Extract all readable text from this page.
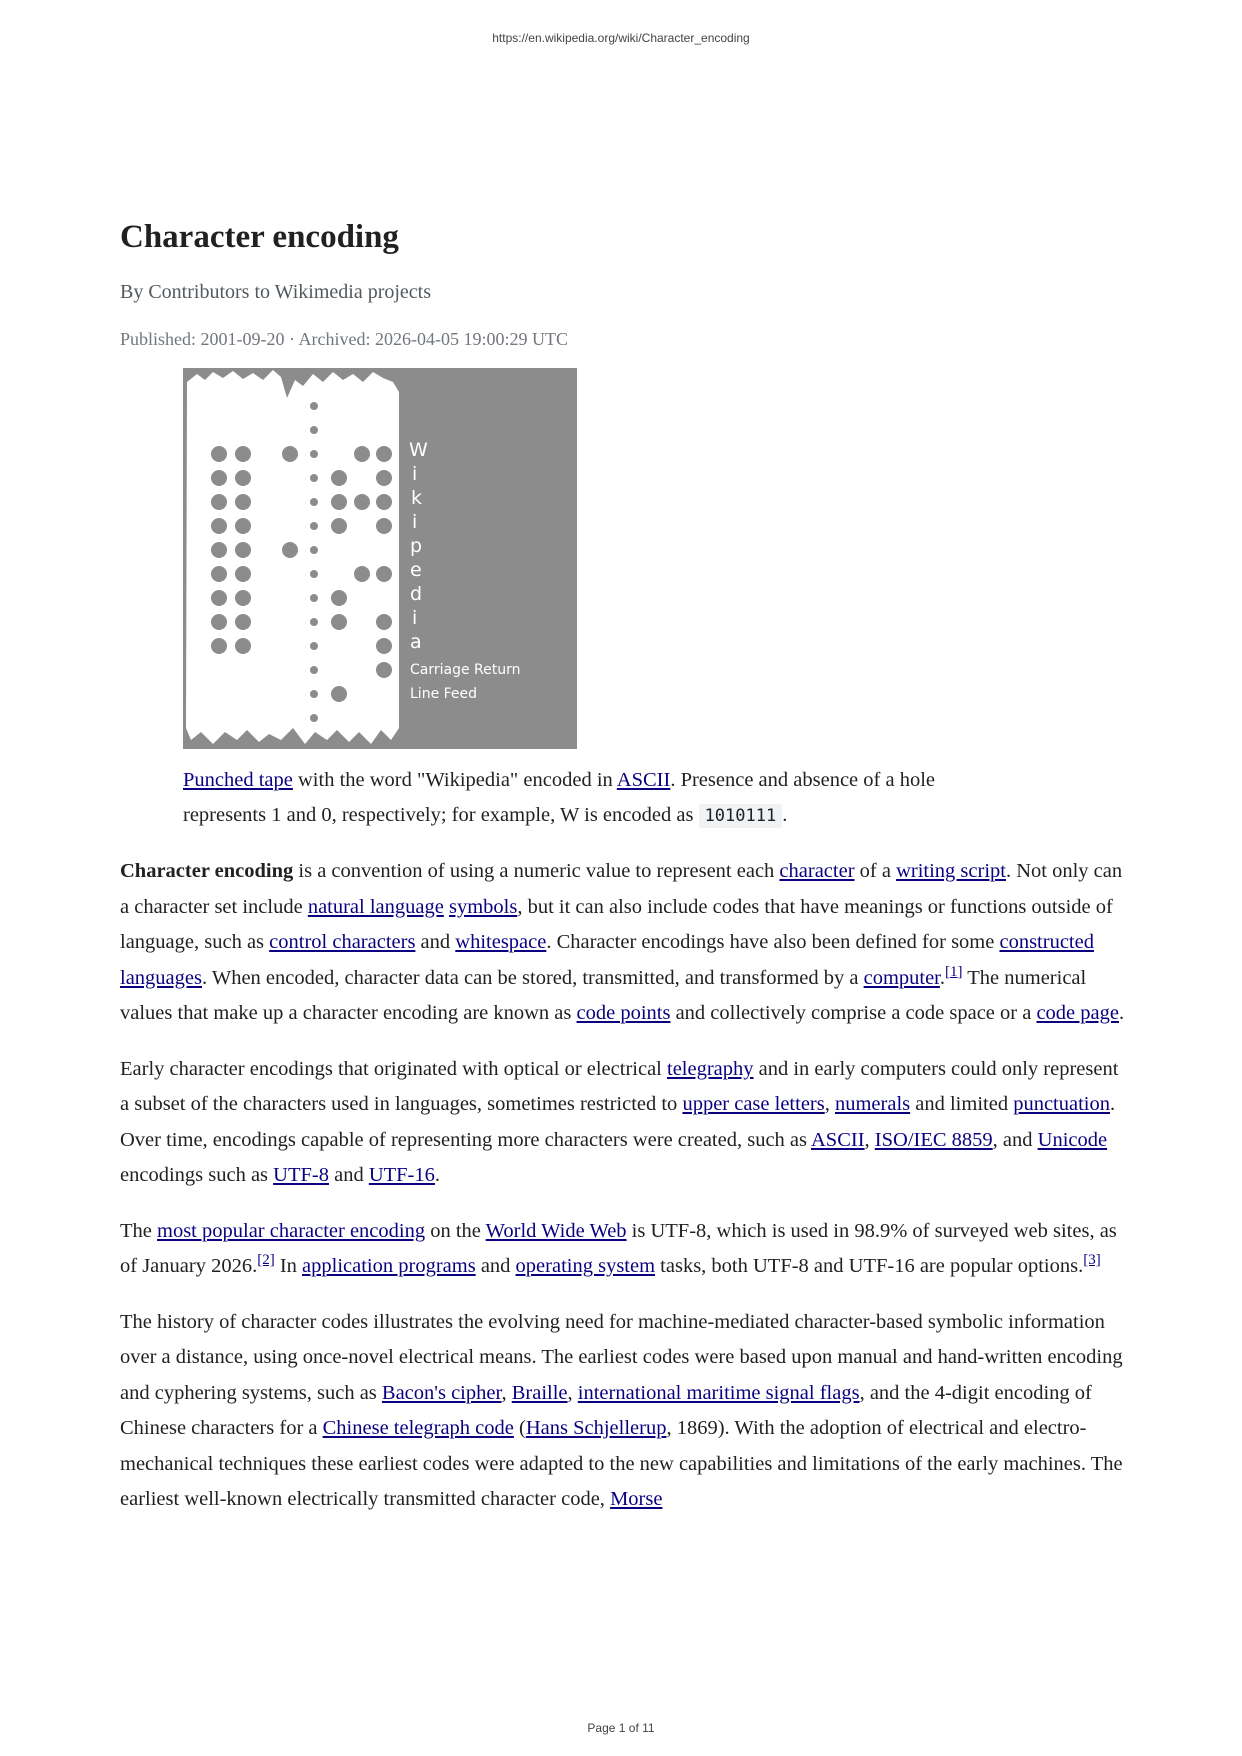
https://en.wikipedia.org/wiki/Character_encoding
Character encoding
By Contributors to Wikimedia projects
Published: 2001-09-20 · Archived: 2026-04-05 19:00:29 UTC
W
i
k
i
p
e
d
i
a
Carriage Return
Line Feed
Punched tape with the word "Wikipedia" encoded in ASCII. Presence and absence of a hole represents 1 and 0, respectively; for example, W is encoded as 1010111 .

Character encoding is a convention of using a numeric value to represent each character of a writing script. Not only can a character set include natural language symbols, but it can also include codes that have meanings or functions outside of language, such as control characters and whitespace. Character encodings have also been defined for some constructed languages. When encoded, character data can be stored, transmitted, and transformed by a computer.[1] The numerical values that make up a character encoding are known as code points and collectively comprise a code space or a code page.

Early character encodings that originated with optical or electrical telegraphy and in early computers could only represent a subset of the characters used in languages, sometimes restricted to upper case letters, numerals and limited punctuation. Over time, encodings capable of representing more characters were created, such as ASCII, ISO/IEC 8859, and Unicode encodings such as UTF-8 and UTF-16.

The most popular character encoding on the World Wide Web is UTF-8, which is used in 98.9% of surveyed web sites, as of January 2026.[2] In application programs and operating system tasks, both UTF-8 and UTF-16 are popular options.[3]

The history of character codes illustrates the evolving need for machine-mediated character-based symbolic information over a distance, using once-novel electrical means. The earliest codes were based upon manual and hand-written encoding and cyphering systems, such as Bacon's cipher, Braille, international maritime signal flags, and the 4-digit encoding of Chinese characters for a Chinese telegraph code (Hans Schjellerup, 1869). With the adoption of electrical and electro-mechanical techniques these earliest codes were adapted to the new capabilities and limitations of the early machines. The earliest well-known electrically transmitted character code, Morse

Page 1 of 11
